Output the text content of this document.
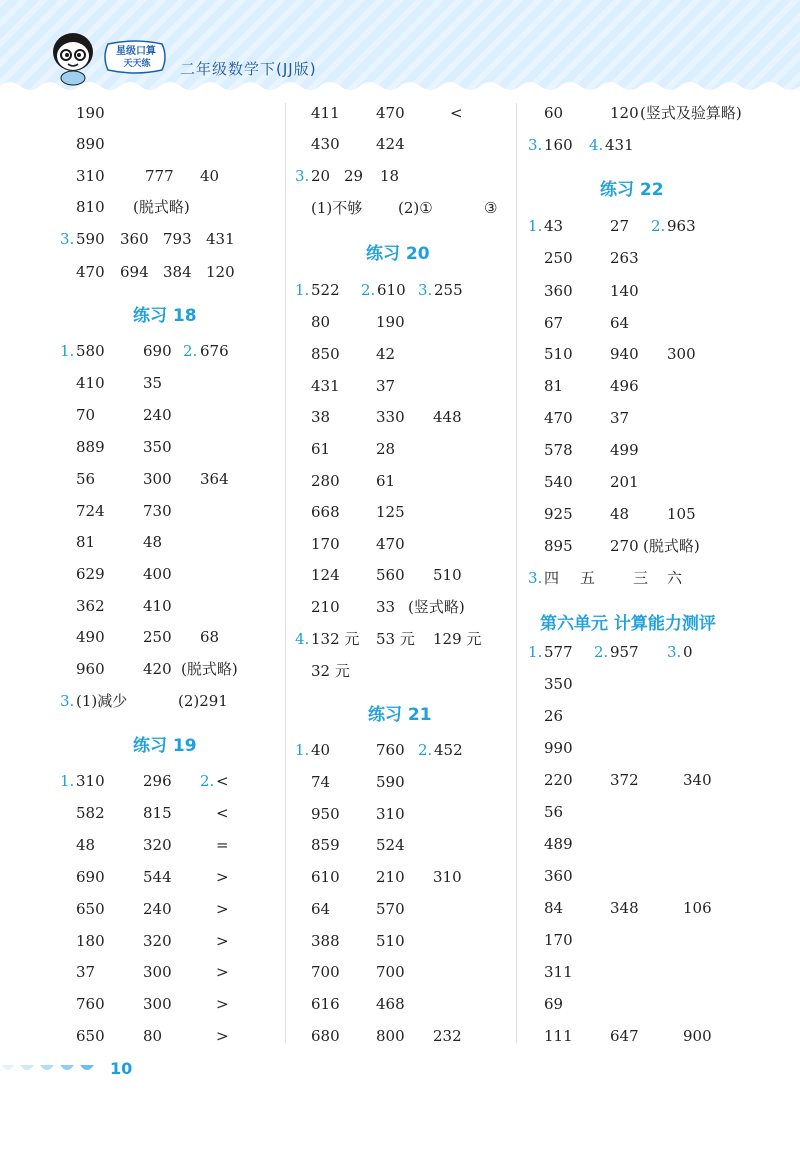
星级口算
天天练	二年级数学下(JJ版)
190
890
310	777 40
810 (脱式略)
3. 590 360 793 431
470 694 384 120
练习 18
1. 580	690 2. 676
410	35
70	240
889	350
56	300 364
724	730
81	48
629	400
362	410
490	250 68
960	420 (脱式略)
3. (1)减少	(2)291
练习 19
1. 310	296 2. <
582	815	<
48	320	=
690	544	>
650	240	>
180	320	>
37	300	>
760	300	>
650	80	>
411 470	<
430 424
3. 20 29 18
(1)不够 (2)①	③
练习 20
1. 522 2. 610 3. 255
80	190
850 42
431 37
38	330 448
61	28
280 61
668 125
170 470
124 560 510
210 33 (竖式略)
4. 132 元 53 元 129 元
32 元
练习 21
1. 40	760 2. 452
74	590
950 310
859 524
610 210 310
64	570
388 510
700 700
616 468
680 800 232
60	120 (竖式及验算略)
3. 160 4. 431
练习 22
1. 43	27 2. 963
250 263
360 140
67	64
510 940 300
81	496
470 37
578 499
540 201
925 48	105
895 270 (脱式略)
3. 四 五	三 六
第六单元 计算能力测评
1. 577 2. 957 3. 0
350
26
990
220 372	340
56
489
360
84	348	106
170
311
69
111 647	900
10
